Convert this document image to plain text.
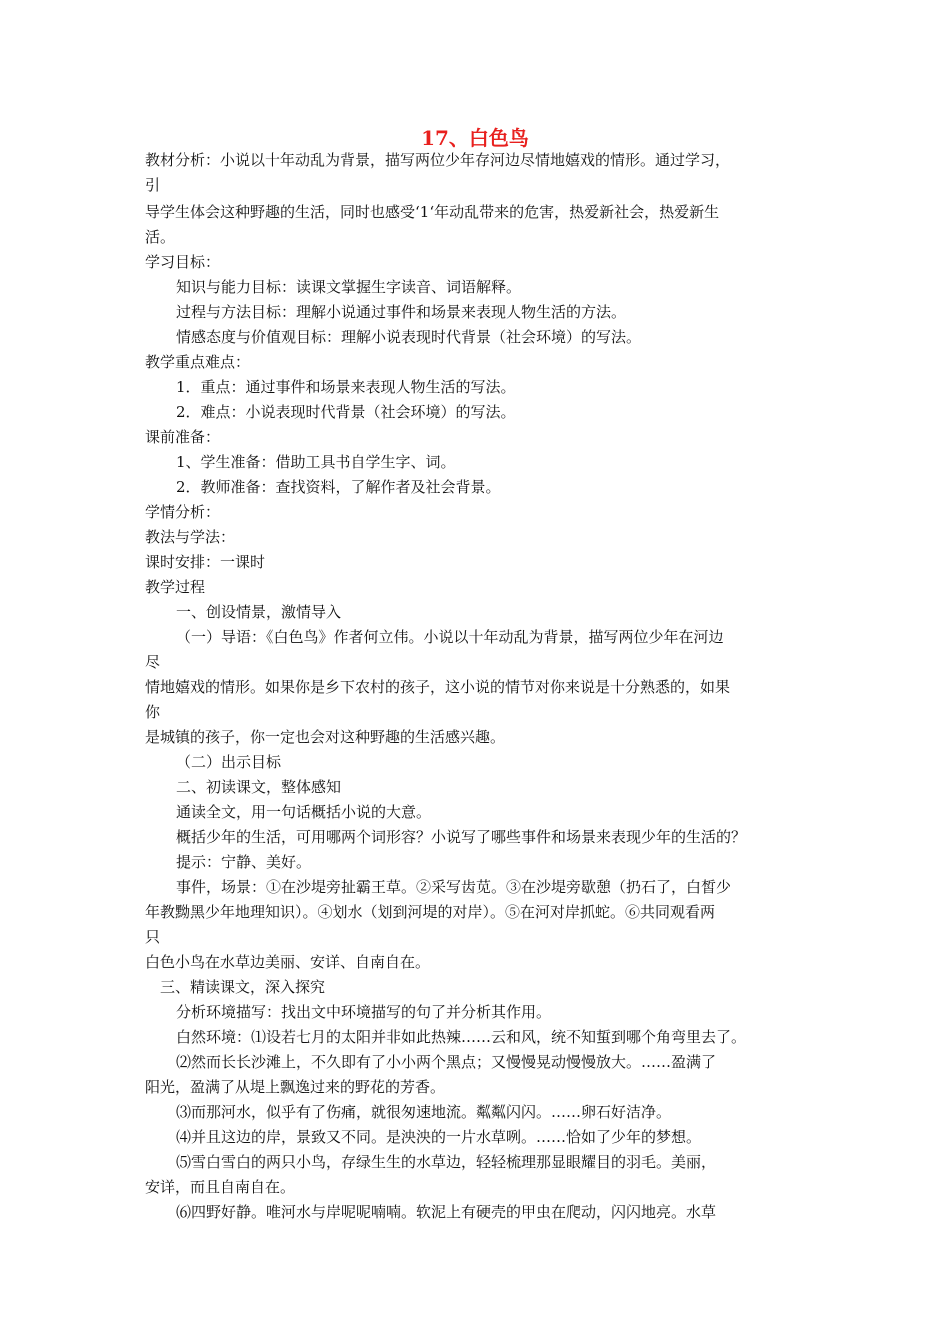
17、白色鸟
教材分析：小说以十年动乱为背景，描写两位少年存河边尽情地嬉戏的情形。通过学习，
引
导学生体会这种野趣的生活，同时也感受‘1‘年动乱带来的危害，热爱新社会，热爱新生
活。
学习目标：
知识与能力目标：读课文掌握生字读音、词语解释。
过程与方法目标：理解小说通过事件和场景来表现人物生活的方法。
情感态度与价值观目标：理解小说表现时代背景（社会环境）的写法。
教学重点难点：
1．重点：通过事件和场景来表现人物生活的写法。
2．难点：小说表现时代背景（社会环境）的写法。
课前准备：
1、学生准备：借助工具书自学生字、词。
2．教师准备：查找资料，了解作者及社会背景。
学情分析：
教法与学法：
课时安排：一课时
教学过程
一、创设情景，激情导入
（一）导语：《白色鸟》作者何立伟。小说以十年动乱为背景，描写两位少年在河边
尽
情地嬉戏的情形。如果你是乡下农村的孩子，这小说的情节对你来说是十分熟悉的，如果
你
是城镇的孩子，你一定也会对这种野趣的生活感兴趣。
（二）出示目标
二、初读课文，整体感知
通读全文，用一句话概括小说的大意。
概括少年的生活，可用哪两个词形容？小说写了哪些事件和场景来表现少年的生活的？
提示：宁静、美好。
事件，场景：①在沙堤旁扯霸王草。②采写齿苋。③在沙堤旁歇憩（扔石了，白皙少
年教黝黑少年地理知识）。④划水（划到河堤的对岸）。⑤在河对岸抓蛇。⑥共同观看两
只
白色小鸟在水草边美丽、安详、自南自在。
三、精读课文，深入探究
分析环境描写：找出文中环境描写的句了并分析其作用。
白然环境：⑴设若七月的太阳并非如此热辣……云和风，统不知蜇到哪个角弯里去了。
⑵然而长长沙滩上，不久即有了小小两个黑点；又慢慢晃动慢慢放大。……盈满了
阳光，盈满了从堤上飘逸过来的野花的芳香。
⑶而那河水，似乎有了伤痛，就很匆速地流。粼粼闪闪。……卵石好洁净。
⑷并且这边的岸，景致又不同。是泱泱的一片水草咧。……恰如了少年的梦想。
⑸雪白雪白的两只小鸟，存绿生生的水草边，轻轻梳理那显眼耀目的羽毛。美丽，
安详，而且自南自在。
⑹四野好静。唯河水与岸呢呢喃喃。软泥上有硬壳的甲虫在爬动，闪闪地亮。水草
